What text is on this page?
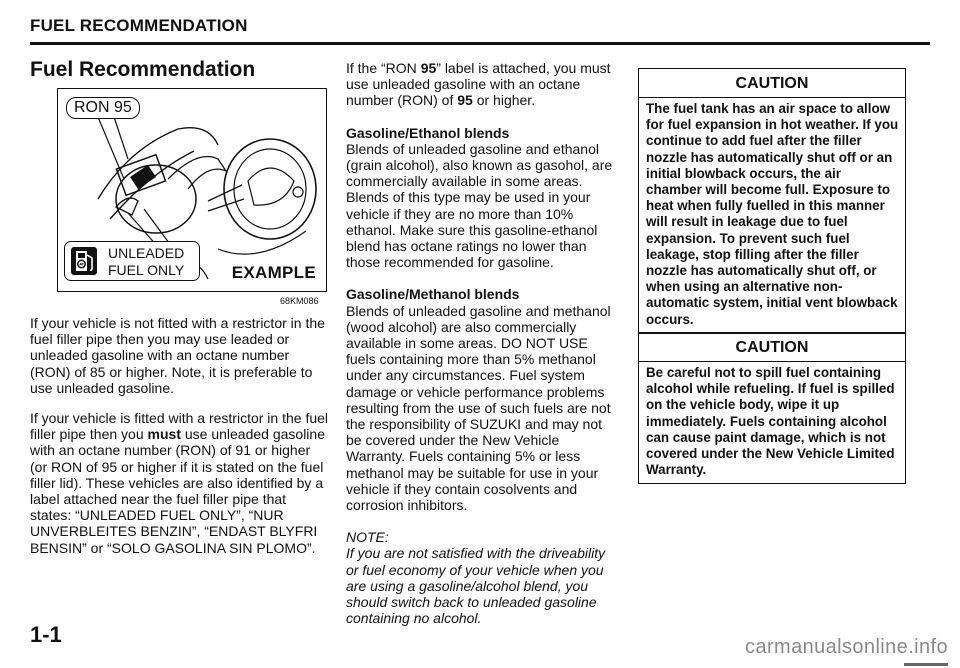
FUEL RECOMMENDATION
Fuel Recommendation
RON 95
UNLEADED
FUEL ONLY	EXAMPLE
68KM086

If your vehicle is not fitted with a restrictor in the fuel filler pipe then you may use leaded or unleaded gasoline with an octane number (RON) of 85 or higher. Note, it is preferable to use unleaded gasoline.

If your vehicle is fitted with a restrictor in the fuel filler pipe then you must use unleaded gasoline with an octane number (RON) of 91 or higher (or RON of 95 or higher if it is stated on the fuel filler lid). These vehicles are also identified by a label attached near the fuel filler pipe that states: “UNLEADED FUEL ONLY”, “NUR UNVERBLEITES BENZIN”, “ENDAST BLYFRI BENSIN” or “SOLO GASOLINA SIN PLOMO”.

If the “RON 95” label is attached, you must use unleaded gasoline with an octane number (RON) of 95 or higher.

Gasoline/Ethanol blends

Blends of unleaded gasoline and ethanol (grain alcohol), also known as gasohol, are commercially available in some areas. Blends of this type may be used in your vehicle if they are no more than 10% ethanol. Make sure this gasoline-ethanol blend has octane ratings no lower than those recommended for gasoline.

Gasoline/Methanol blends

Blends of unleaded gasoline and methanol (wood alcohol) are also commercially available in some areas. DO NOT USE fuels containing more than 5% methanol under any circumstances. Fuel system damage or vehicle performance problems resulting from the use of such fuels are not the responsibility of SUZUKI and may not be covered under the New Vehicle Warranty. Fuels containing 5% or less methanol may be suitable for use in your vehicle if they contain cosolvents and corrosion inhibitors.

NOTE:

If you are not satisfied with the driveability or fuel economy of your vehicle when you are using a gasoline/alcohol blend, you should switch back to unleaded gasoline containing no alcohol.

CAUTION
The fuel tank has an air space to allow for fuel expansion in hot weather. If you continue to add fuel after the filler nozzle has automatically shut off or an initial blowback occurs, the air chamber will become full. Exposure to heat when fully fuelled in this manner will result in leakage due to fuel expansion. To prevent such fuel leakage, stop filling after the filler nozzle has automatically shut off, or when using an alternative non-automatic system, initial vent blowback occurs.
CAUTION
Be careful not to spill fuel containing alcohol while refueling. If fuel is spilled on the vehicle body, wipe it up immediately. Fuels containing alcohol can cause paint damage, which is not covered under the New Vehicle Limited Warranty.
1-1	carmanualsonline.info
